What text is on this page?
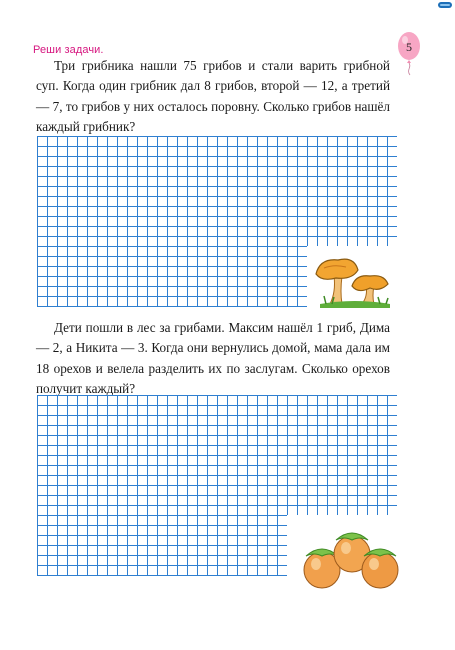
Реши задачи.	5

Три грибника нашли 75 грибов и стали варить грибной суп. Когда один грибник дал 8 грибов, второй — 12, а третий — 7, то грибов у них осталось поровну. Сколько грибов нашёл каждый грибник?

Дети пошли в лес за грибами. Максим нашёл 1 гриб, Дима — 2, а Никита — 3. Когда они вернулись домой, мама дала им 18 орехов и велела разделить их по заслугам. Сколько орехов получит каждый?
